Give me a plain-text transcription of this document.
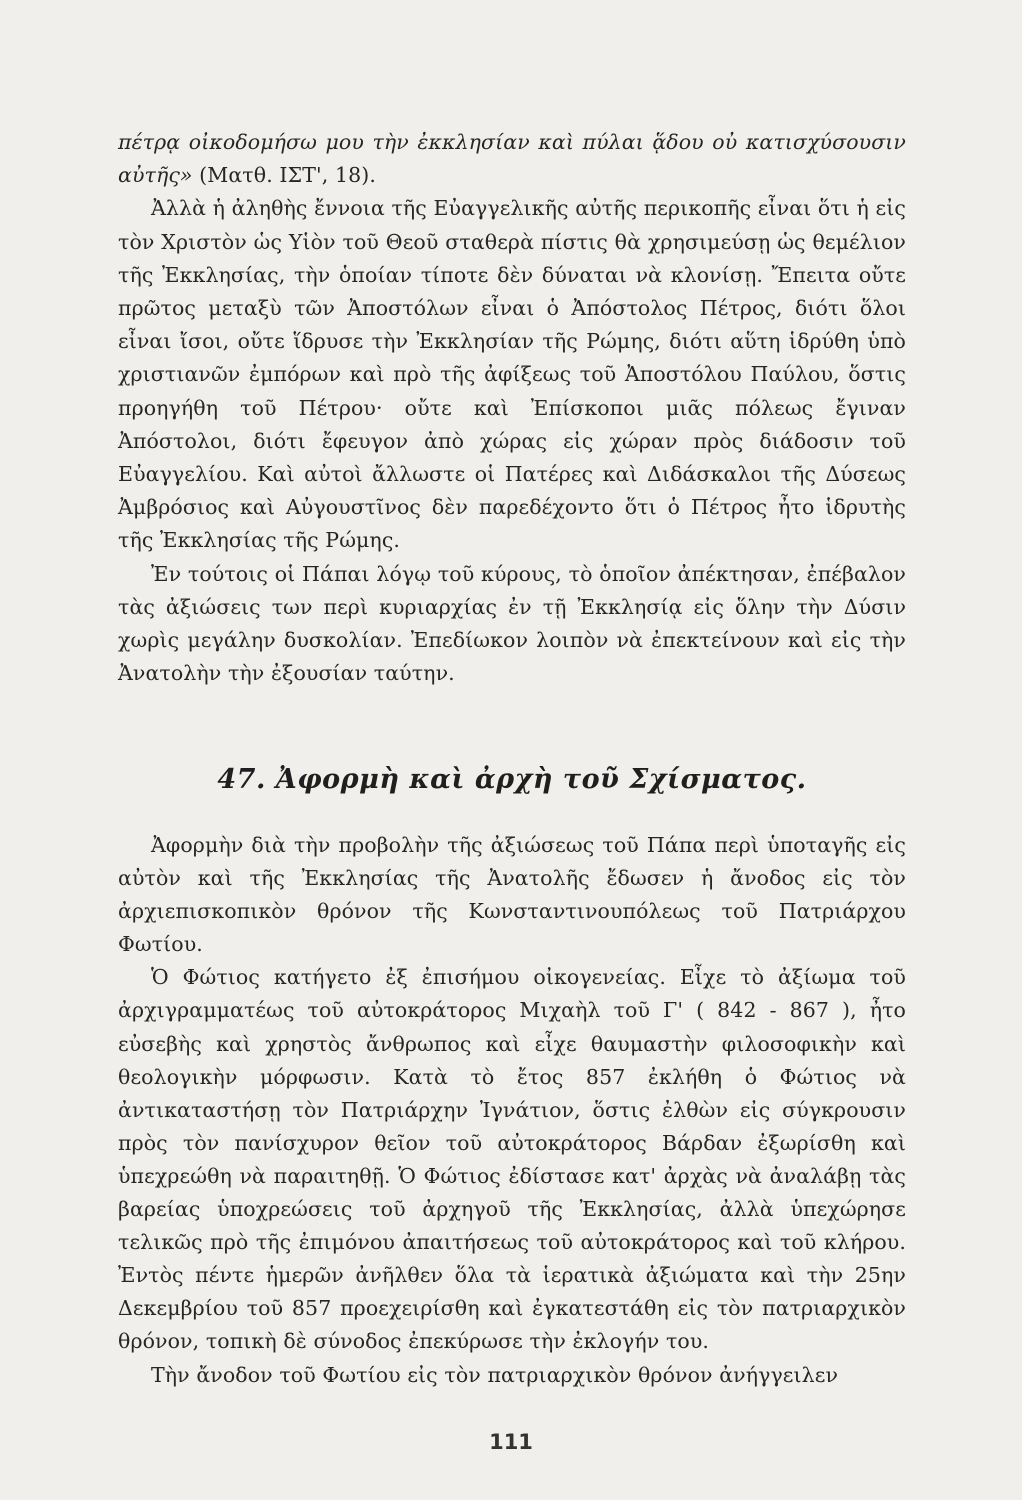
πέτρᾳ οἰκοδομήσω μου τὴν ἐκκλησίαν καὶ πύλαι ᾅδου οὐ κατισχύσουσιν αὐτῆς» (Ματθ. ΙΣΤ', 18).

Ἀλλὰ ἡ ἀληθὴς ἔννοια τῆς Εὐαγγελικῆς αὐτῆς περικοπῆς εἶναι ὅτι ἡ εἰς τὸν Χριστὸν ὡς Υἱὸν τοῦ Θεοῦ σταθερὰ πίστις θὰ χρησιμεύσῃ ὡς θεμέλιον τῆς Ἐκκλησίας, τὴν ὁποίαν τίποτε δὲν δύναται νὰ κλονίσῃ. Ἔπειτα οὔτε πρῶτος μεταξὺ τῶν Ἀποστόλων εἶναι ὁ Ἀπόστολος Πέτρος, διότι ὅλοι εἶναι ἴσοι, οὔτε ἵδρυσε τὴν Ἐκκλησίαν τῆς Ρώμης, διότι αὕτη ἱδρύθη ὑπὸ χριστιανῶν ἐμπόρων καὶ πρὸ τῆς ἀφίξεως τοῦ Ἀποστόλου Παύλου, ὅστις προηγήθη τοῦ Πέτρου· οὔτε καὶ Ἐπίσκοποι μιᾶς πόλεως ἔγιναν Ἀπόστολοι, διότι ἔφευγον ἀπὸ χώρας εἰς χώραν πρὸς διάδοσιν τοῦ Εὐαγγελίου. Καὶ αὐτοὶ ἄλλωστε οἱ Πατέρες καὶ Διδάσκαλοι τῆς Δύσεως Ἀμβρόσιος καὶ Αὐγουστῖνος δὲν παρεδέχοντο ὅτι ὁ Πέτρος ἦτο ἱδρυτὴς τῆς Ἐκκλησίας τῆς Ρώμης.

Ἐν τούτοις οἱ Πάπαι λόγῳ τοῦ κύρους, τὸ ὁποῖον ἀπέκτησαν, ἐπέβαλον τὰς ἀξιώσεις των περὶ κυριαρχίας ἐν τῇ Ἐκκλησίᾳ εἰς ὅλην τὴν Δύσιν χωρὶς μεγάλην δυσκολίαν. Ἐπεδίωκον λοιπὸν νὰ ἐπεκτείνουν καὶ εἰς τὴν Ἀνατολὴν τὴν ἐξουσίαν ταύτην.

47. Ἀφορμὴ καὶ ἀρχὴ τοῦ Σχίσματος.

Ἀφορμὴν διὰ τὴν προβολὴν τῆς ἀξιώσεως τοῦ Πάπα περὶ ὑποταγῆς εἰς αὐτὸν καὶ τῆς Ἐκκλησίας τῆς Ἀνατολῆς ἔδωσεν ἡ ἄνοδος εἰς τὸν ἀρχιεπισκοπικὸν θρόνον τῆς Κωνσταντινουπόλεως τοῦ Πατριάρχου Φωτίου.

Ὁ Φώτιος κατήγετο ἐξ ἐπισήμου οἰκογενείας. Εἶχε τὸ ἀξίωμα τοῦ ἀρχιγραμματέως τοῦ αὐτοκράτορος Μιχαὴλ τοῦ Γ' ( 842 - 867 ), ἦτο εὐσεβὴς καὶ χρηστὸς ἄνθρωπος καὶ εἶχε θαυμαστὴν φιλοσοφικὴν καὶ θεολογικὴν μόρφωσιν. Κατὰ τὸ ἔτος 857 ἐκλήθη ὁ Φώτιος νὰ ἀντικαταστήσῃ τὸν Πατριάρχην Ἰγνάτιον, ὅστις ἐλθὼν εἰς σύγκρουσιν πρὸς τὸν πανίσχυρον θεῖον τοῦ αὐτοκράτορος Βάρδαν ἐξωρίσθη καὶ ὑπεχρεώθη νὰ παραιτηθῇ. Ὁ Φώτιος ἐδίστασε κατ' ἀρχὰς νὰ ἀναλάβῃ τὰς βαρείας ὑποχρεώσεις τοῦ ἀρχηγοῦ τῆς Ἐκκλησίας, ἀλλὰ ὑπεχώρησε τελικῶς πρὸ τῆς ἐπιμόνου ἀπαιτήσεως τοῦ αὐτοκράτορος καὶ τοῦ κλήρου. Ἐντὸς πέντε ἡμερῶν ἀνῆλθεν ὅλα τὰ ἱερατικὰ ἀξιώματα καὶ τὴν 25ην Δεκεμβρίου τοῦ 857 προεχειρίσθη καὶ ἐγκατεστάθη εἰς τὸν πατριαρχικὸν θρόνον, τοπικὴ δὲ σύνοδος ἐπεκύρωσε τὴν ἐκλογήν του.

Τὴν ἄνοδον τοῦ Φωτίου εἰς τὸν πατριαρχικὸν θρόνον ἀνήγγειλεν

111
